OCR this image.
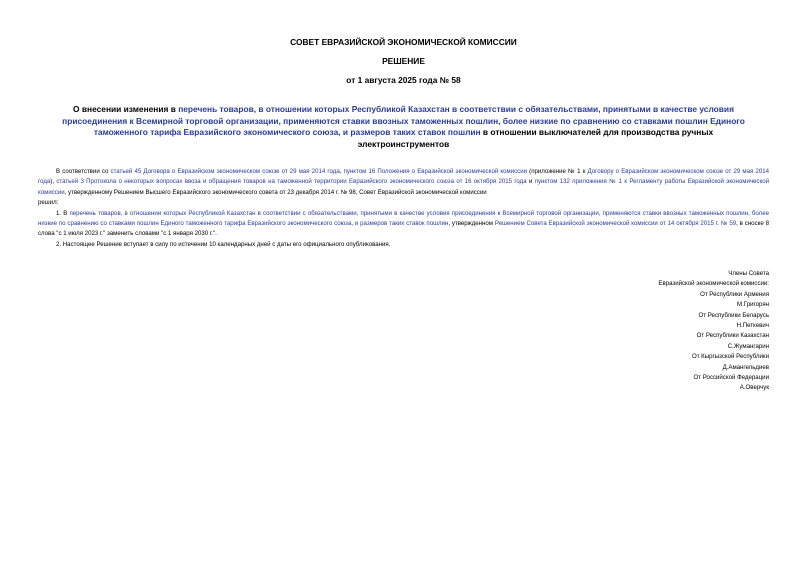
СОВЕТ ЕВРАЗИЙСКОЙ ЭКОНОМИЧЕСКОЙ КОМИССИИ
РЕШЕНИЕ
от 1 августа 2025 года № 58
О внесении изменения в перечень товаров, в отношении которых Республикой Казахстан в соответствии с обязательствами, принятыми в качестве условия присоединения к Всемирной торговой организации, применяются ставки ввозных таможенных пошлин, более низкие по сравнению со ставками пошлин Единого таможенного тарифа Евразийского экономического союза, и размеров таких ставок пошлин в отношении выключателей для производства ручных электроинструментов

В соответствии со статьей 45 Договора о Евразийском экономическом союзе от 29 мая 2014 года, пунктом 16 Положения о Евразийской экономической комиссии (приложение № 1 к Договору о Евразийском экономическом союзе от 29 мая 2014 года), статьей 3 Протокола о некоторых вопросах ввоза и обращения товаров на таможенной территории Евразийского экономического союза от 16 октября 2015 года и пунктом 132 приложения № 1 к Регламенту работы Евразийской экономической комиссии, утвержденному Решением Высшего Евразийского экономического совета от 23 декабря 2014 г. № 98, Совет Евразийской экономической комиссии

решил:

1. В перечень товаров, в отношении которых Республикой Казахстан в соответствии с обязательствами, принятыми в качестве условия присоединения к Всемирной торговой организации, применяются ставки ввозных таможенных пошлин, более низкие по сравнению со ставками пошлин Единого таможенного тарифа Евразийского экономического союза, и размеров таких ставок пошлин, утвержденном Решением Совета Евразийской экономической комиссии от 14 октября 2015 г. № 59, в сноске 8 слова "с 1 июля 2023 г." заменить словами "с 1 января 2030 г.".

2. Настоящее Решение вступает в силу по истечении 10 календарных дней с даты его официального опубликования.

Члены Совета
Евразийской экономической комиссии:
От Республики Армения
М.Григорян
От Республики Беларусь
Н.Петкевич
От Республики Казахстан
С.Жумангарин
От Кыргызской Республики
Д.Амангельдиев
От Российской Федерации
А.Оверчук
